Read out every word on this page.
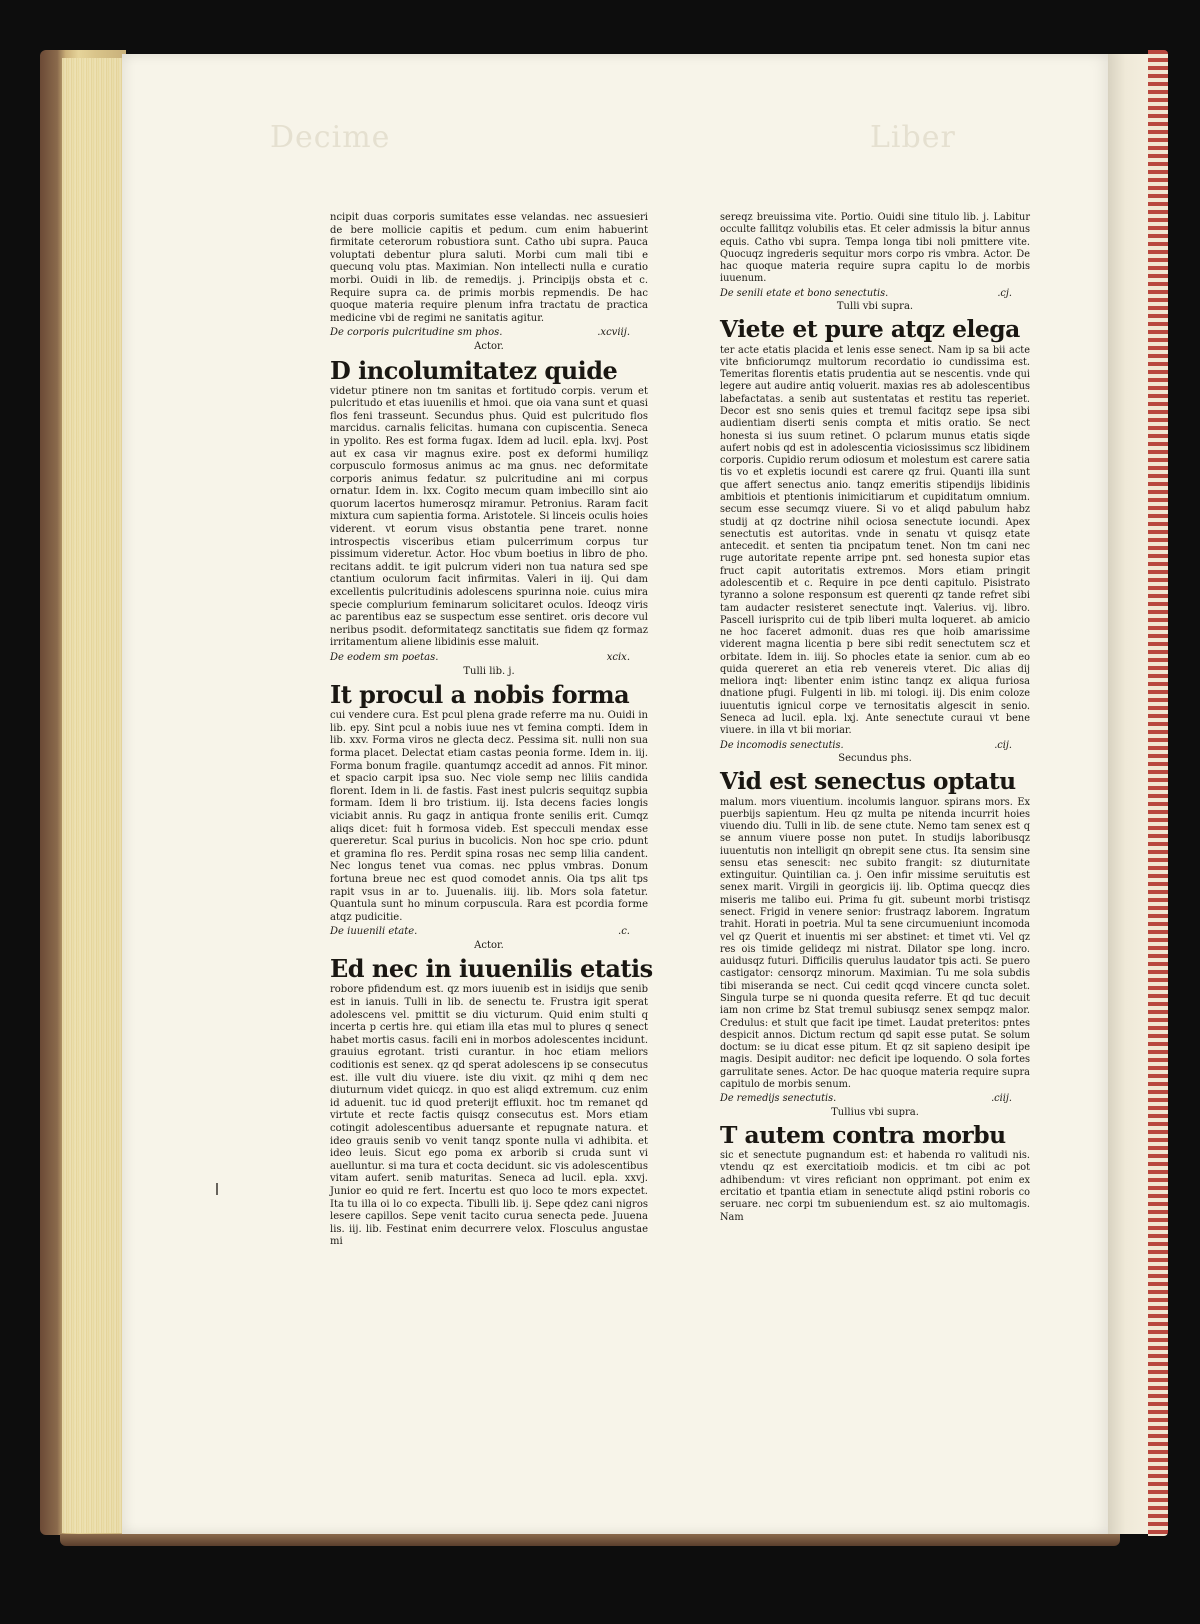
Decime	Liber

ncipit duas corporis sumitates esse velandas. nec assuesieri de bere mollicie capitis et pedum. cum enim habuerint firmitate ceterorum robustiora sunt. Catho ubi supra. Pauca voluptati debentur plura saluti. Morbi cum mali tibi e quecunq volu ptas. Maximian. Non intellecti nulla e curatio morbi. Ouidi in lib. de remedijs. j. Principijs obsta et c. Require supra ca. de primis morbis repmendis. De hac quoque materia require plenum infra tractatu de practica medicine vbi de regimi ne sanitatis agitur.

De corporis pulcritudine sm phos.	.xcviij.
Actor.
D incolumitatez quide

videtur ptinere non tm sanitas et fortitudo corpis. verum et pulcritudo et etas iuuenilis et hmoi. que oia vana sunt et quasi flos feni trasseunt. Secundus phus. Quid est pulcritudo flos marcidus. carnalis felicitas. humana con cupiscentia. Seneca in ypolito. Res est forma fugax. Idem ad lucil. epla. lxvj. Post aut ex casa vir magnus exire. post ex deformi humiliqz corpusculo formosus animus ac ma gnus. nec deformitate corporis animus fedatur. sz pulcritudine ani mi corpus ornatur. Idem in. lxx. Cogito mecum quam imbecillo sint aio quorum lacertos humerosqz miramur. Petronius. Raram facit mixtura cum sapientia forma. Aristotele. Si linceis oculis hoies viderent. vt eorum visus obstantia pene traret. nonne introspectis visceribus etiam pulcerrimum corpus tur pissimum videretur. Actor. Hoc vbum boetius in libro de pho. recitans addit. te igit pulcrum videri non tua natura sed spe ctantium oculorum facit infirmitas. Valeri in iij. Qui dam excellentis pulcritudinis adolescens spurinna noie. cuius mira specie complurium feminarum solicitaret oculos. Ideoqz viris ac parentibus eaz se suspectum esse sentiret. oris decore vul neribus psodit. deformitateqz sanctitatis sue fidem qz formaz irritamentum aliene libidinis esse maluit.

De eodem sm poetas.	xcix.
Tulli lib. j.
It procul a nobis forma

cui vendere cura. Est pcul plena grade referre ma nu. Ouidi in lib. epy. Sint pcul a nobis iuue nes vt femina compti. Idem in lib. xxv. Forma viros ne glecta decz. Pessima sit. nulli non sua forma placet. Delectat etiam castas peonia forme. Idem in. iij. Forma bonum fragile. quantumqz accedit ad annos. Fit minor. et spacio carpit ipsa suo. Nec viole semp nec liliis candida florent. Idem in li. de fastis. Fast inest pulcris sequitqz supbia formam. Idem li bro tristium. iij. Ista decens facies longis viciabit annis. Ru gaqz in antiqua fronte senilis erit. Cumqz aliqs dicet: fuit h formosa videb. Est specculi mendax esse quereretur. Scal purius in bucolicis. Non hoc spe crio. pdunt et gramina flo res. Perdit spina rosas nec semp lilia candent. Nec longus tenet vua comas. nec pplus vmbras. Donum fortuna breue nec est quod comodet annis. Oia tps alit tps rapit vsus in ar to. Juuenalis. iiij. lib. Mors sola fatetur. Quantula sunt ho minum corpuscula. Rara est pcordia forme atqz pudicitie.

De iuuenili etate.	.c.
Actor.
Ed nec in iuuenilis etatis

robore pfidendum est. qz mors iuuenib est in isidijs que senib est in ianuis. Tulli in lib. de senectu te. Frustra igit sperat adolescens vel. pmittit se diu victurum. Quid enim stulti q incerta p certis hre. qui etiam illa etas mul to plures q senect habet mortis casus. facili eni in morbos adolescentes incidunt. grauius egrotant. tristi curantur. in hoc etiam meliors coditionis est senex. qz qd sperat adolescens ip se consecutus est. ille vult diu viuere. iste diu vixit. qz mihi q dem nec diuturnum videt quicqz. in quo est aliqd extremum. cuz enim id aduenit. tuc id quod preterijt effluxit. hoc tm remanet qd virtute et recte factis quisqz consecutus est. Mors etiam cotingit adolescentibus aduersante et repugnate natura. et ideo grauis senib vo venit tanqz sponte nulla vi adhibita. et ideo leuis. Sicut ego poma ex arborib si cruda sunt vi auelluntur. si ma tura et cocta decidunt. sic vis adolescentibus vitam aufert. senib maturitas. Seneca ad lucil. epla. xxvj. Junior eo quid re fert. Incertu est quo loco te mors expectet. Ita tu illa oi lo co expecta. Tibulli lib. ij. Sepe qdez cani nigros lesere capillos. Sepe venit tacito curua senecta pede. Juuena lis. iij. lib. Festinat enim decurrere velox. Flosculus angustae mi

sereqz breuissima vite. Portio. Ouidi sine titulo lib. j. Labitur occulte fallitqz volubilis etas. Et celer admissis la bitur annus equis. Catho vbi supra. Tempa longa tibi noli pmittere vite. Quocuqz ingrederis sequitur mors corpo ris vmbra. Actor. De hac quoque materia require supra capitu lo de morbis iuuenum.

De senili etate et bono senectutis.	.cj.
Tulli vbi supra.
Viete et pure atqz elega

ter acte etatis placida et lenis esse senect. Nam ip sa bii acte vite bnficiorumqz multorum recordatio io cundissima est. Temeritas florentis etatis prudentia aut se nescentis. vnde qui legere aut audire antiq voluerit. maxias res ab adolescentibus labefactatas. a senib aut sustentatas et restitu tas reperiet. Decor est sno senis quies et tremul facitqz sepe ipsa sibi audientiam diserti senis compta et mitis oratio. Se nect honesta si ius suum retinet. O pclarum munus etatis siqde aufert nobis qd est in adolescentia viciosissimus scz libidinem corporis. Cupidio rerum odiosum et molestum est carere satia tis vo et expletis iocundi est carere qz frui. Quanti illa sunt que affert senectus anio. tanqz emeritis stipendijs libidinis ambitiois et ptentionis inimicitiarum et cupiditatum omnium. secum esse secumqz viuere. Si vo et aliqd pabulum habz studij at qz doctrine nihil ociosa senectute iocundi. Apex senectutis est autoritas. vnde in senatu vt quisqz etate antecedit. et senten tia pncipatum tenet. Non tm cani nec ruge autoritate repente arripe pnt. sed honesta supior etas fruct capit autoritatis extremos. Mors etiam pringit adolescentib et c. Require in pce denti capitulo. Pisistrato tyranno a solone responsum est querenti qz tande refret sibi tam audacter resisteret senectute inqt. Valerius. vij. libro. Pascell iurisprito cui de tpib liberi multa loqueret. ab amicio ne hoc faceret admonit. duas res que hoib amarissime viderent magna licentia p bere sibi redit senectutem scz et orbitate. Idem in. iiij. So phocles etate ia senior. cum ab eo quida quereret an etia reb venereis vteret. Dic alias dij meliora inqt: libenter enim istinc tanqz ex aliqua furiosa dnatione pfugi. Fulgenti in lib. mi tologi. iij. Dis enim coloze iuuentutis ignicul corpe ve ternositatis algescit in senio. Seneca ad lucil. epla. lxj. Ante senectute curaui vt bene viuere. in illa vt bii moriar.

De incomodis senectutis.	.cij.
Secundus phs.
Vid est senectus optatu

malum. mors viuentium. incolumis languor. spirans mors. Ex puerbijs sapientum. Heu qz multa pe nitenda incurrit hoies viuendo diu. Tulli in lib. de sene ctute. Nemo tam senex est q se annum viuere posse non putet. In studijs laboribusqz iuuentutis non intelligit qn obrepit sene ctus. Ita sensim sine sensu etas senescit: nec subito frangit: sz diuturnitate extinguitur. Quintilian ca. j. Oen infir missime seruitutis est senex marit. Virgili in georgicis iij. lib. Optima quecqz dies miseris me talibo eui. Prima fu git. subeunt morbi tristisqz senect. Frigid in venere senior: frustraqz laborem. Ingratum trahit. Horati in poetria. Mul ta sene circumueniunt incomoda vel qz Querit et inuentis mi ser abstinet: et timet vti. Vel qz res ois timide gelideqz mi nistrat. Dilator spe long. incro. auidusqz futuri. Difficilis querulus laudator tpis acti. Se puero castigator: censorqz minorum. Maximian. Tu me sola subdis tibi miseranda se nect. Cui cedit qcqd vincere cuncta solet. Singula turpe se ni quonda quesita referre. Et qd tuc decuit iam non crime bz Stat tremul subiusqz senex sempqz malor. Credulus: et stult que facit ipe timet. Laudat preteritos: pntes despicit annos. Dictum rectum qd sapit esse putat. Se solum doctum: se iu dicat esse pitum. Et qz sit sapieno desipit ipe magis. Desipit auditor: nec deficit ipe loquendo. O sola fortes garrulitate senes. Actor. De hac quoque materia require supra capitulo de morbis senum.

De remedijs senectutis.	.ciij.
Tullius vbi supra.
T autem contra morbu

sic et senectute pugnandum est: et habenda ro valitudi nis. vtendu qz est exercitatioib modicis. et tm cibi ac pot adhibendum: vt vires reficiant non opprimant. pot enim ex ercitatio et tpantia etiam in senectute aliqd pstini roboris co seruare. nec corpi tm subueniendum est. sz aio multomagis. Nam
